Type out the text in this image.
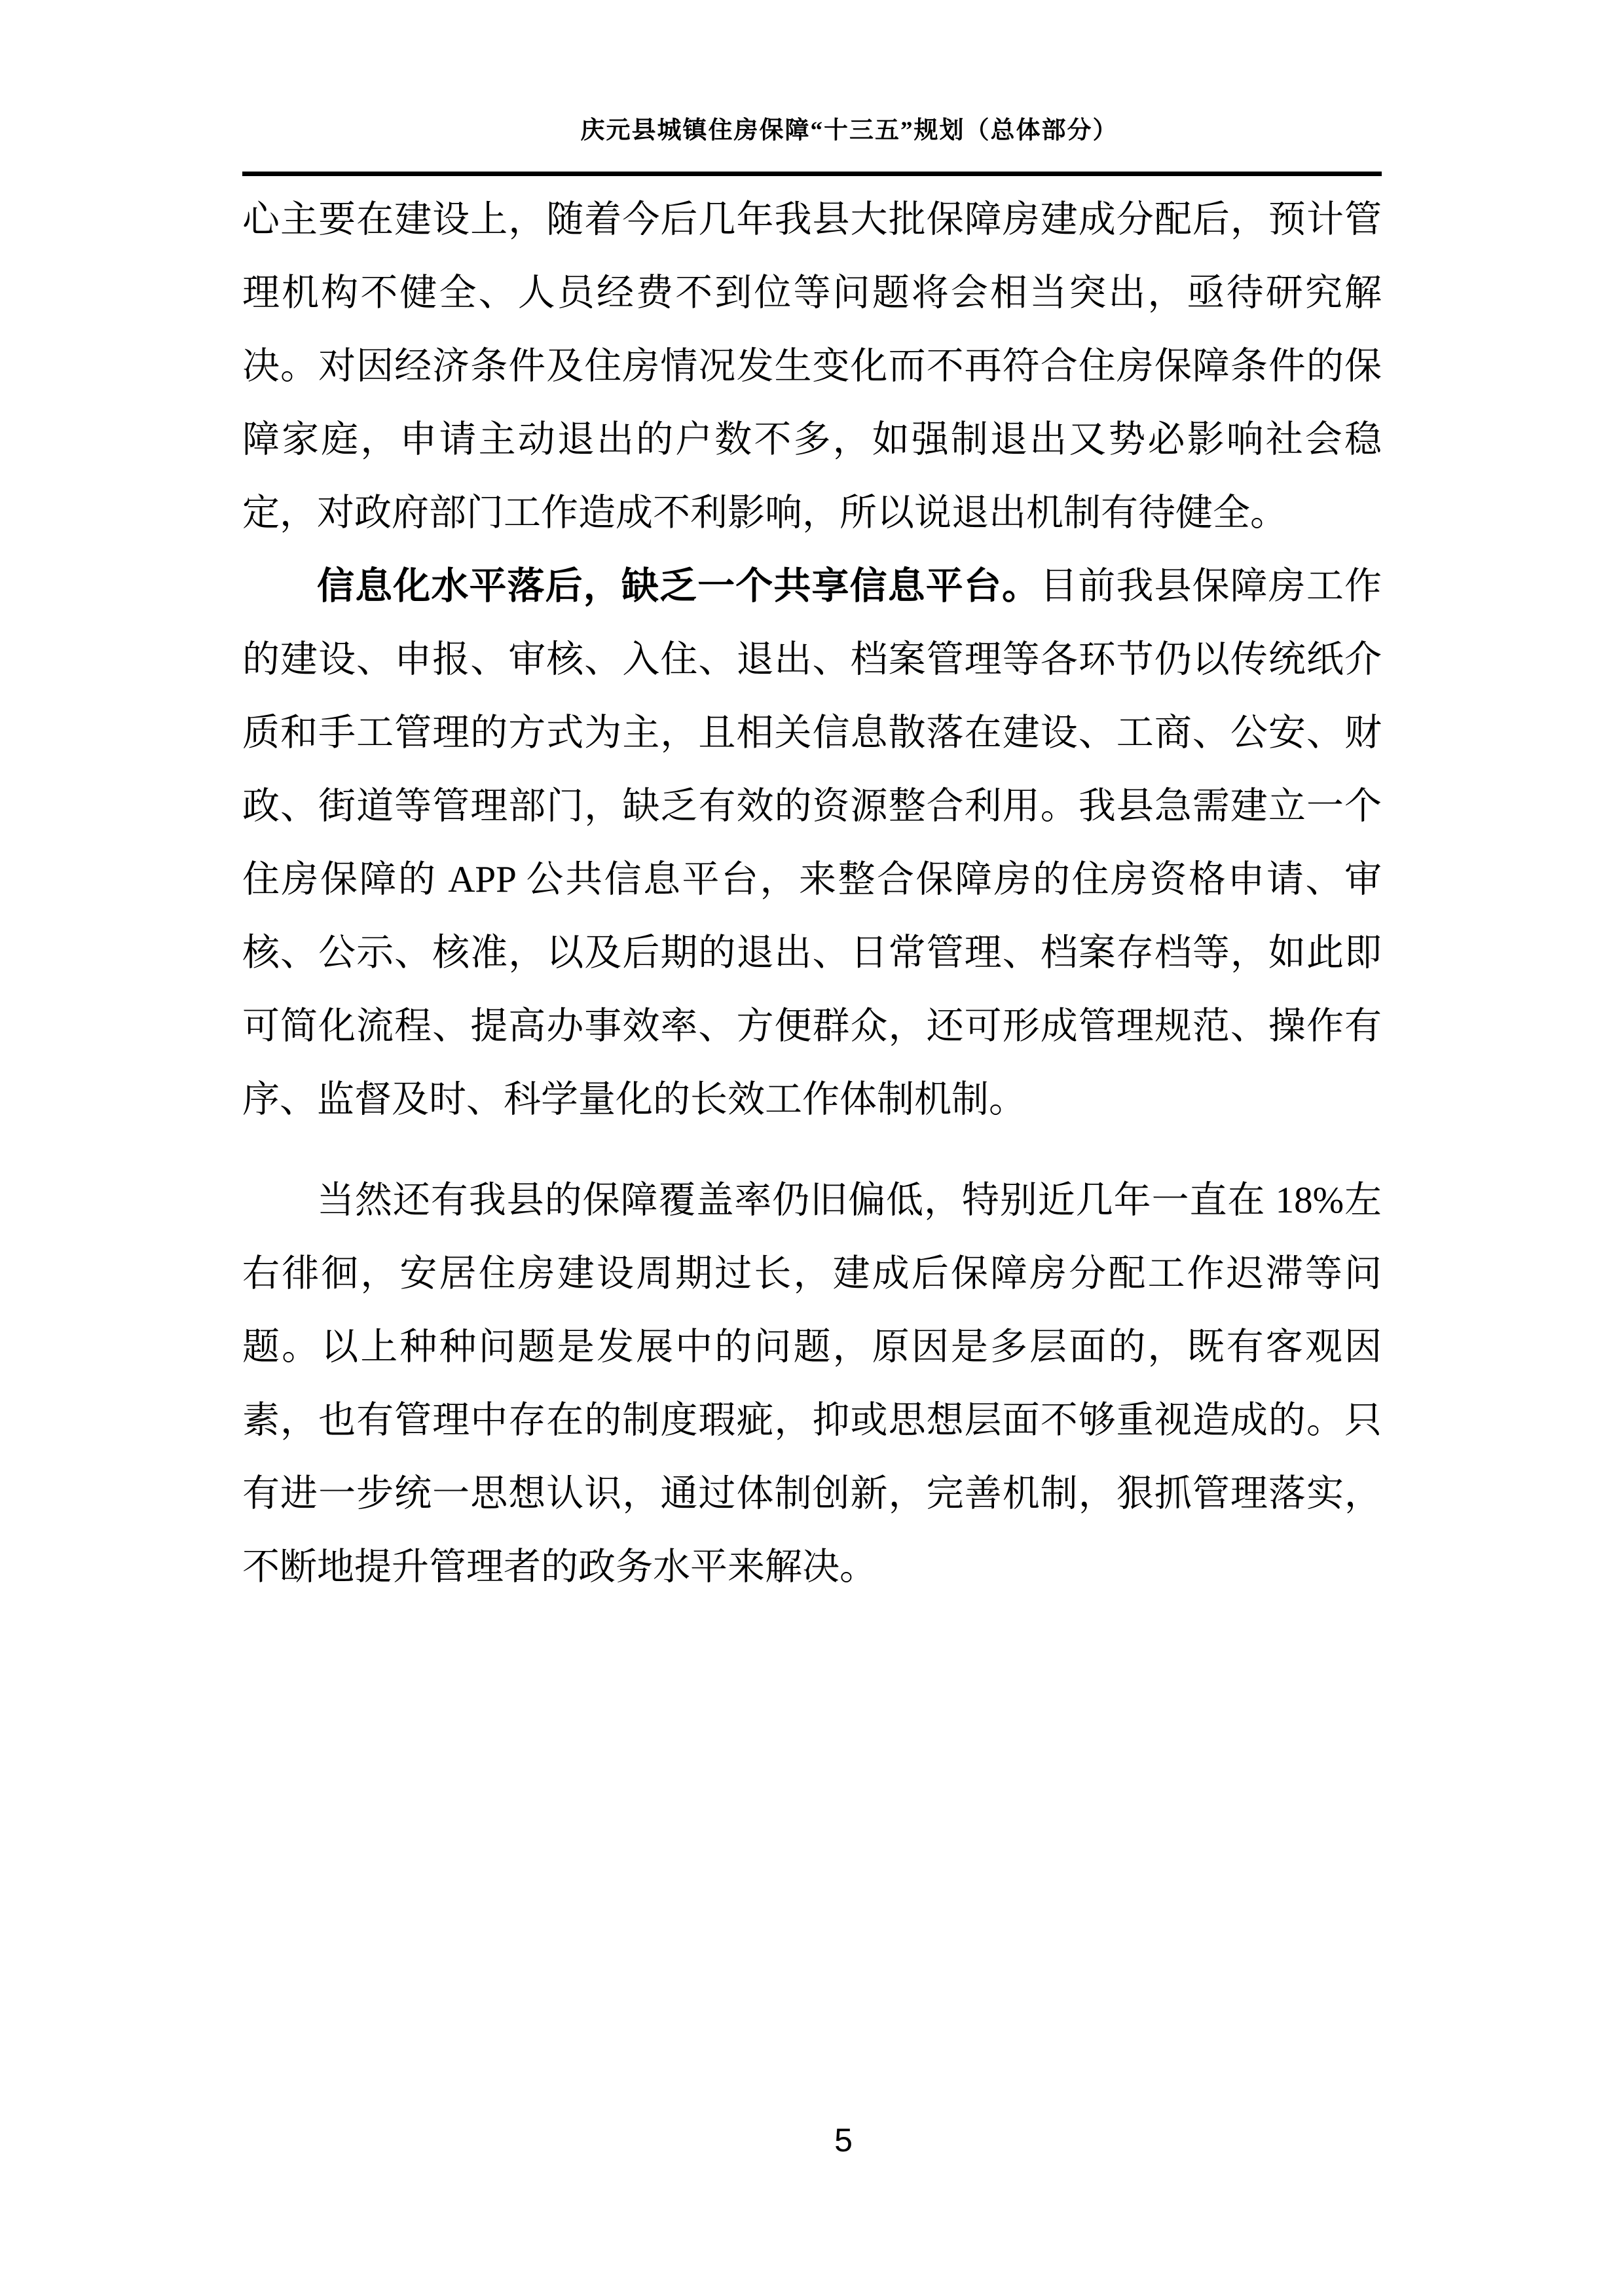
庆元县城镇住房保障“十三五”规划（总体部分）

心主要在建设上，随着今后几年我县大批保障房建成分配后，预计管理机构不健全、人员经费不到位等问题将会相当突出，亟待研究解决。对因经济条件及住房情况发生变化而不再符合住房保障条件的保障家庭，申请主动退出的户数不多，如强制退出又势必影响社会稳定，对政府部门工作造成不利影响，所以说退出机制有待健全。

信息化水平落后，缺乏一个共享信息平台。目前我县保障房工作的建设、申报、审核、入住、退出、档案管理等各环节仍以传统纸介质和手工管理的方式为主，且相关信息散落在建设、工商、公安、财政、街道等管理部门，缺乏有效的资源整合利用。我县急需建立一个住房保障的 APP 公共信息平台，来整合保障房的住房资格申请、审核、公示、核准，以及后期的退出、日常管理、档案存档等，如此即可简化流程、提高办事效率、方便群众，还可形成管理规范、操作有序、监督及时、科学量化的长效工作体制机制。

当然还有我县的保障覆盖率仍旧偏低，特别近几年一直在 18%左右徘徊，安居住房建设周期过长，建成后保障房分配工作迟滞等问题。以上种种问题是发展中的问题，原因是多层面的，既有客观因素，也有管理中存在的制度瑕疵，抑或思想层面不够重视造成的。只有进一步统一思想认识，通过体制创新，完善机制，狠抓管理落实，不断地提升管理者的政务水平来解决。

5
